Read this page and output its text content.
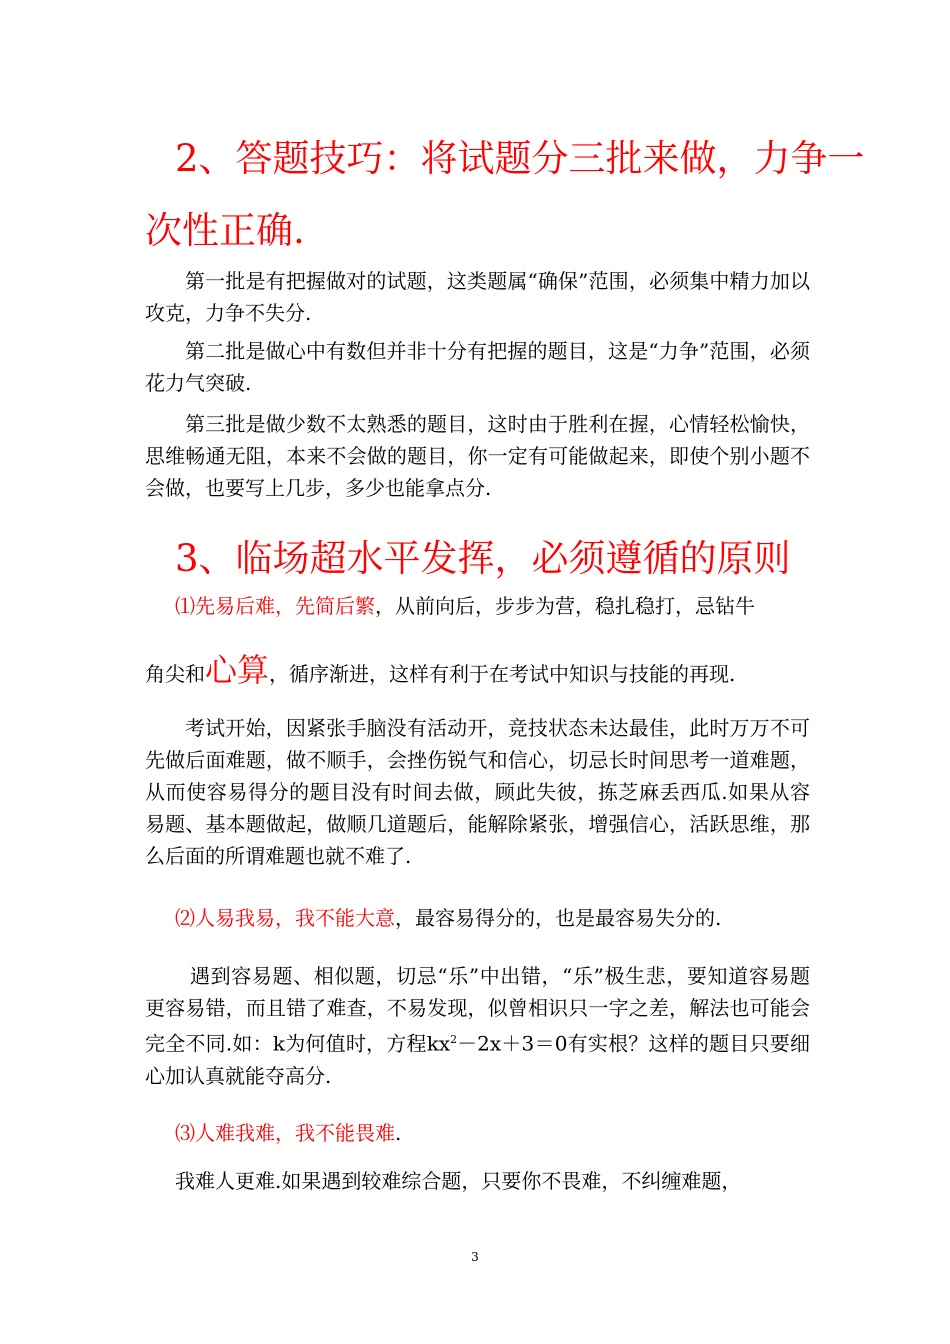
2、答题技巧：将试题分三批来做，力争一
次性正确.

第一批是有把握做对的试题，这类题属“确保”范围，必须集中精力加以攻克，力争不失分.

第二批是做心中有数但并非十分有把握的题目，这是“力争”范围，必须花力气突破.

第三批是做少数不太熟悉的题目，这时由于胜利在握，心情轻松愉快，思维畅通无阻，本来不会做的题目，你一定有可能做起来，即使个别小题不会做，也要写上几步，多少也能拿点分.

3、临场超水平发挥，必须遵循的原则

⑴先易后难，先简后繁，从前向后，步步为营，稳扎稳打，忌钻牛

角尖和心算，循序渐进，这样有利于在考试中知识与技能的再现.

考试开始，因紧张手脑没有活动开，竞技状态未达最佳，此时万万不可先做后面难题，做不顺手，会挫伤锐气和信心，切忌长时间思考一道难题，从而使容易得分的题目没有时间去做，顾此失彼，拣芝麻丢西瓜.如果从容易题、基本题做起，做顺几道题后，能解除紧张，增强信心，活跃思维，那么后面的所谓难题也就不难了.

⑵人易我易，我不能大意，最容易得分的，也是最容易失分的.

遇到容易题、相似题，切忌“乐”中出错，“乐”极生悲，要知道容易题更容易错，而且错了难查，不易发现，似曾相识只一字之差，解法也可能会完全不同.如：k为何值时，方程$kx^2-2x+3=0$有实根？这样的题目只要细心加认真就能夺高分.

⑶人难我难，我不能畏难.

我难人更难.如果遇到较难综合题，只要你不畏难，不纠缠难题，

3
